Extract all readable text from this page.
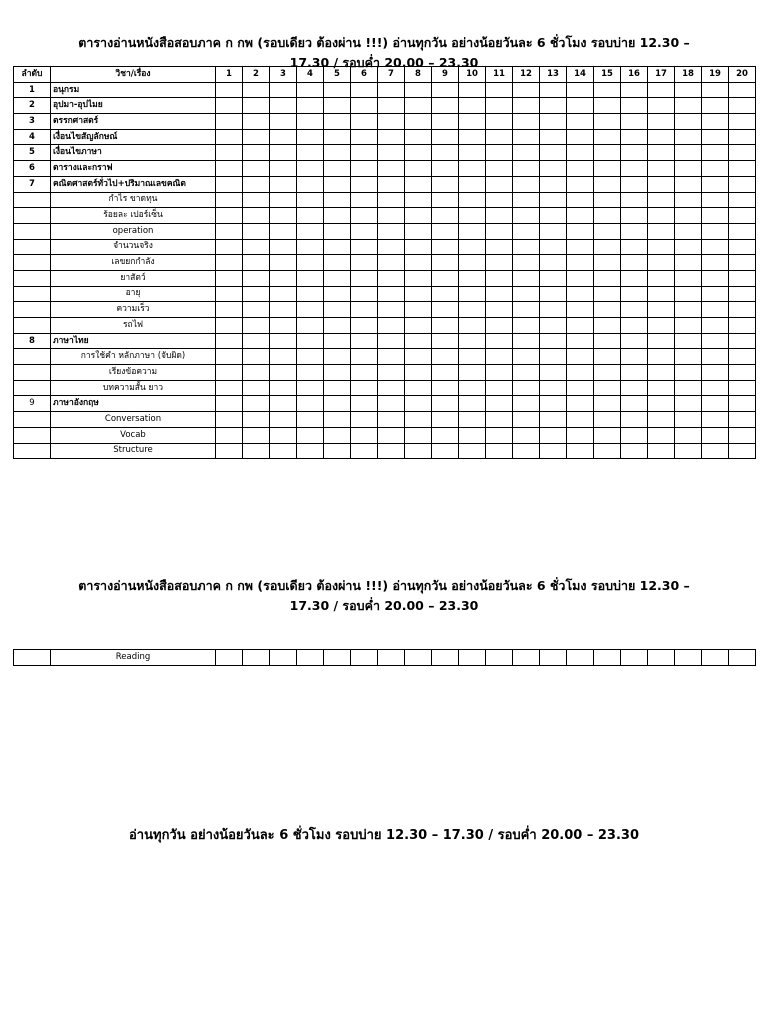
ตารางอ่านหนังสือสอบภาค ก กพ (รอบเดียว ต้องผ่าน !!!) อ่านทุกวัน อย่างน้อยวันละ 6 ชั่วโมง รอบบ่าย 12.30 –
17.30 / รอบค่ำ 20.00 – 23.30
ลำดับ	วิชา/เรื่อง	1	2	3	4	5	6	7	8	9	10	11	12	13	14	15	16	17	18	19	20
1	อนุกรม																				
2	อุปมา-อุปไมย																				
3	ตรรกศาสตร์																				
4	เงื่อนไขสัญลักษณ์																				
5	เงื่อนไขภาษา																				
6	ตารางและกราฟ																				
7	คณิตศาสตร์ทั่วไป+ปริมาณเลขคณิต																				
	กำไร ขาดทุน																				
	ร้อยละ เปอร์เซ็น																				
	operation																				
	จำนวนจริง																				
	เลขยกกำลัง																				
	ยาสัตว์																				
	อายุ																				
	ความเร็ว																				
	รถไฟ																				
8	ภาษาไทย																				
	การใช้คำ หลักภาษา (จับผิด)																				
	เรียงข้อความ																				
	บทความสั้น ยาว																				
9	ภาษาอังกฤษ																				
	Conversation																				
	Vocab																				
	Structure																				
ตารางอ่านหนังสือสอบภาค ก กพ (รอบเดียว ต้องผ่าน !!!) อ่านทุกวัน อย่างน้อยวันละ 6 ชั่วโมง รอบบ่าย 12.30 –
17.30 / รอบค่ำ 20.00 – 23.30
	Reading																				
อ่านทุกวัน อย่างน้อยวันละ 6 ชั่วโมง รอบบ่าย 12.30 – 17.30 / รอบค่ำ 20.00 – 23.30
